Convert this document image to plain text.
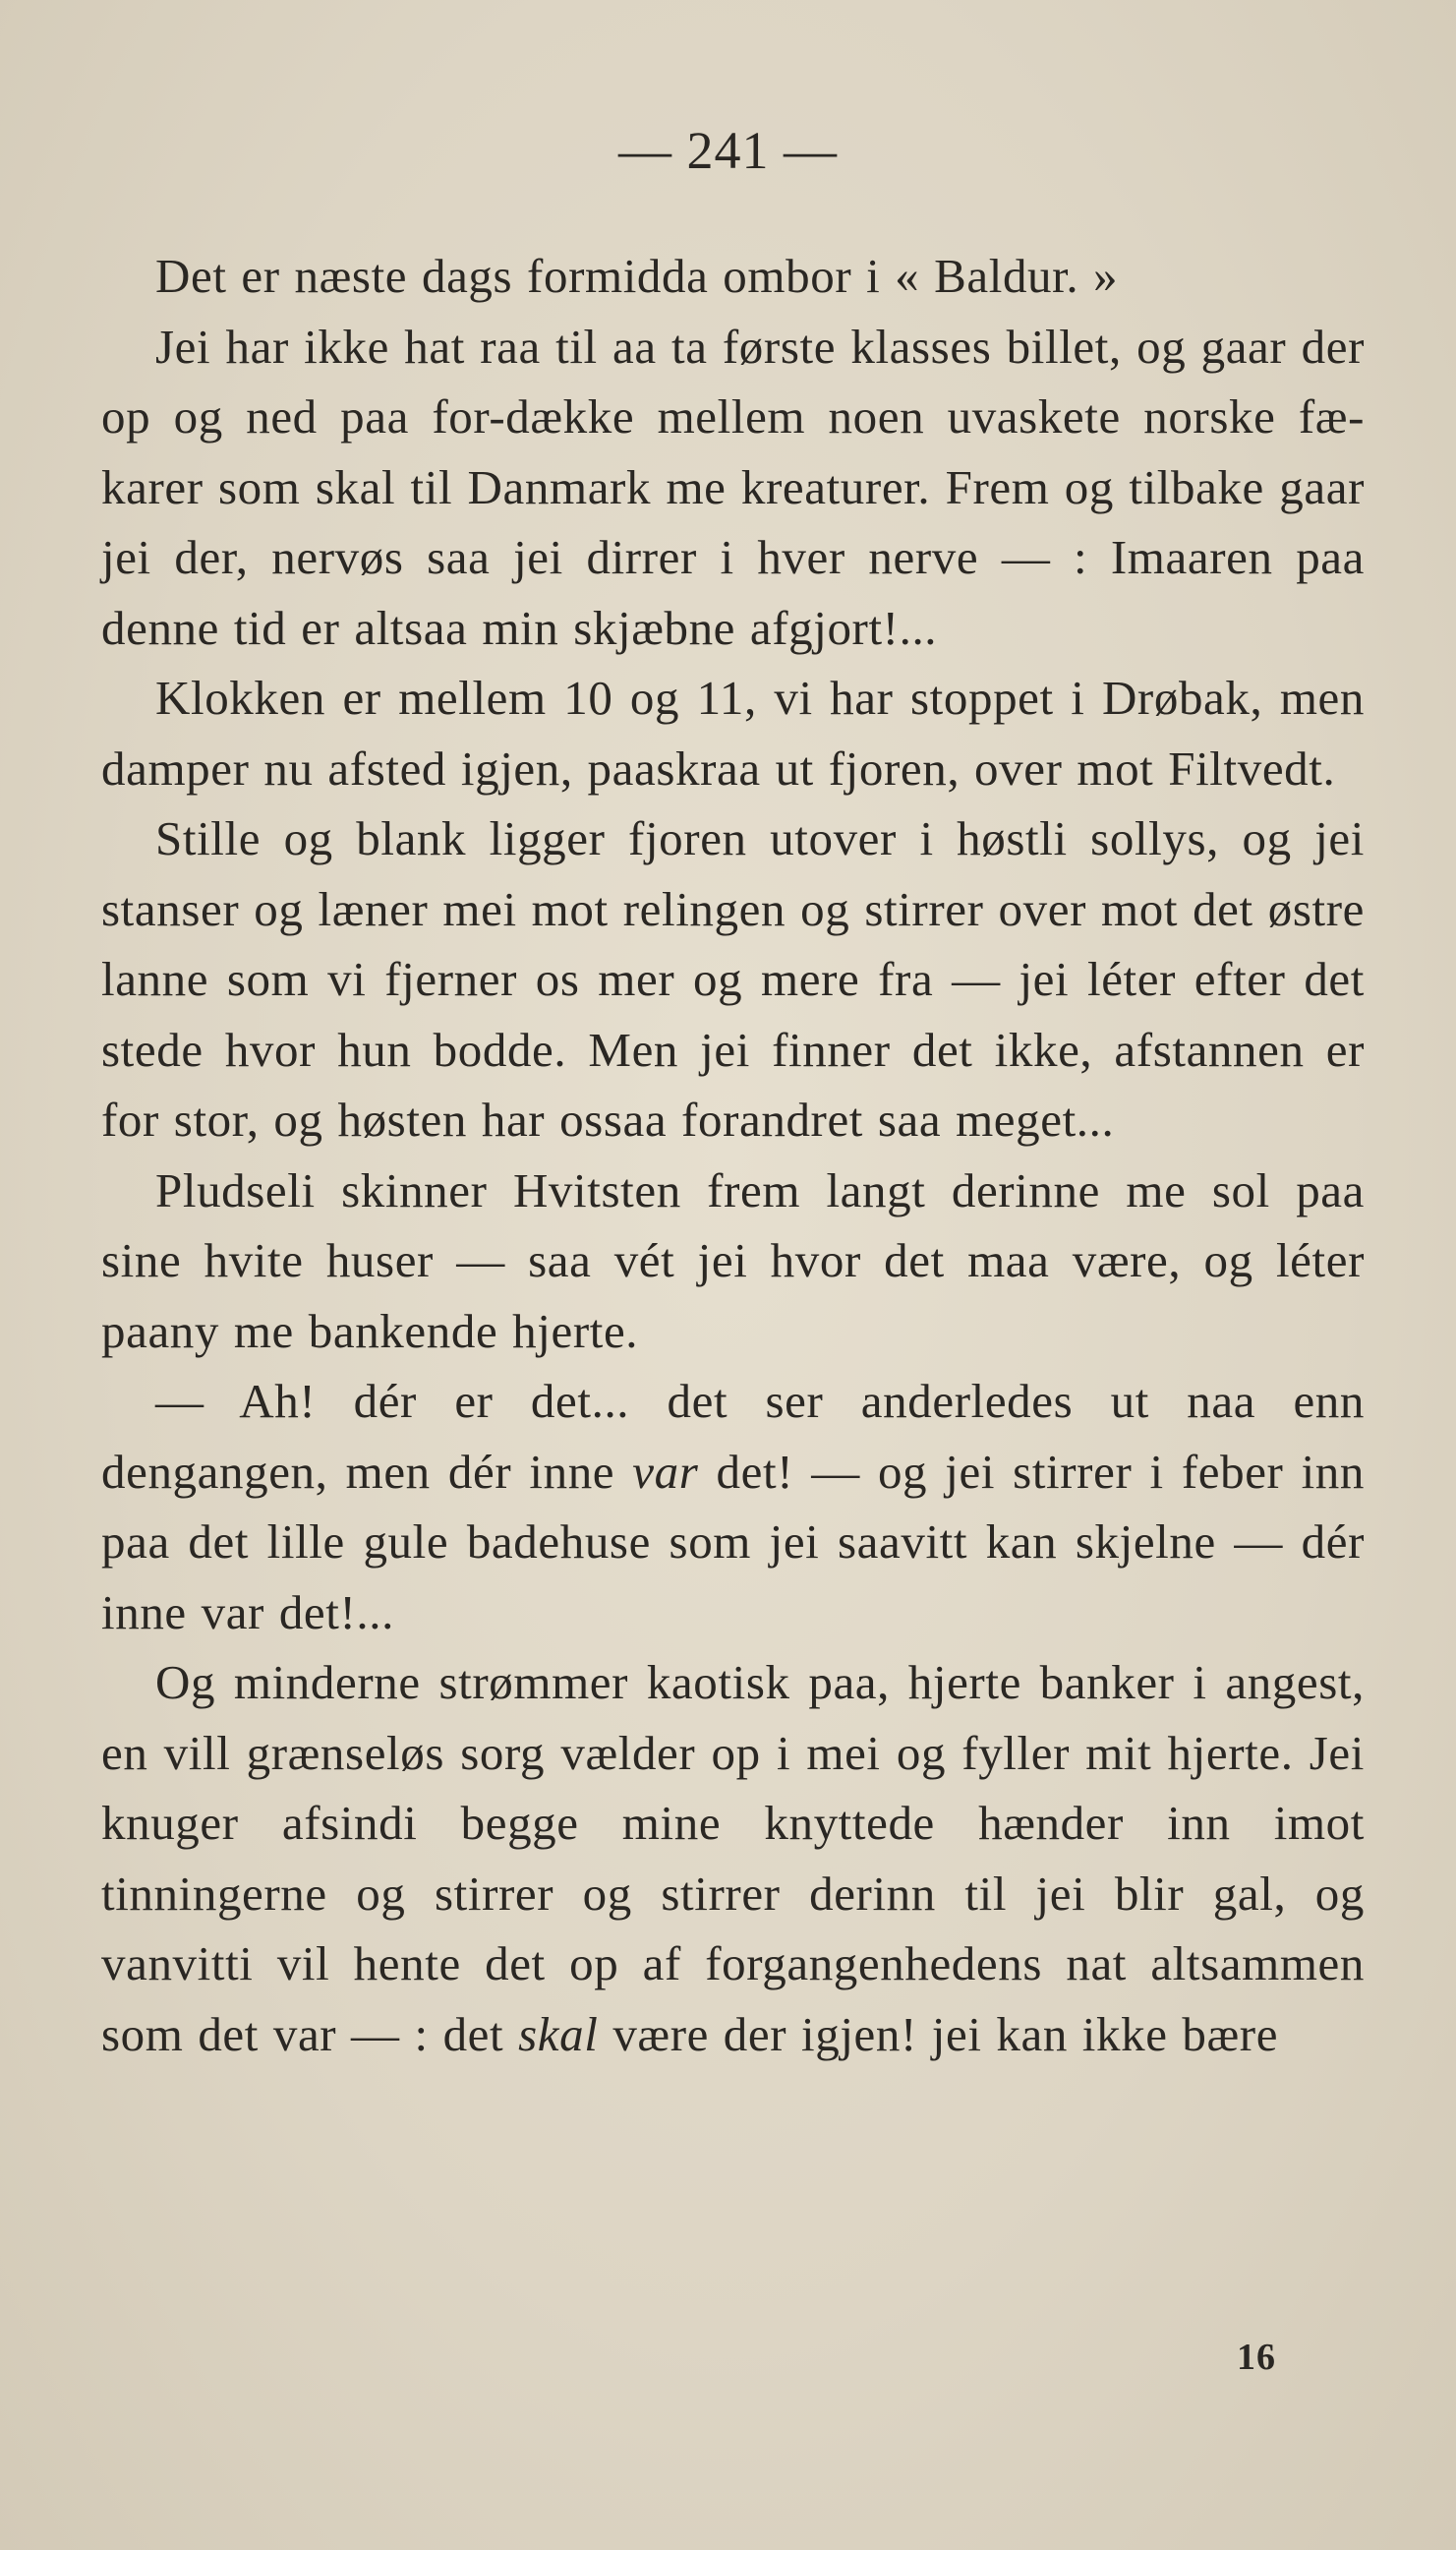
— 241 —

Det er næste dags formidda ombor i « Baldur. »

Jei har ikke hat raa til aa ta første klasses billet, og gaar der op og ned paa for-dække mellem noen uvaskete norske fæ-karer som skal til Danmark me kreaturer. Frem og tilbake gaar jei der, nervøs saa jei dirrer i hver nerve — : Imaaren paa denne tid er altsaa min skjæbne afgjort!...

Klokken er mellem 10 og 11, vi har stoppet i Drøbak, men damper nu afsted igjen, paaskraa ut fjoren, over mot Filtvedt.

Stille og blank ligger fjoren utover i høstli sollys, og jei stanser og læner mei mot relingen og stirrer over mot det østre lanne som vi fjerner os mer og mere fra — jei léter efter det stede hvor hun bodde. Men jei finner det ikke, afstannen er for stor, og høsten har ossaa forandret saa meget...

Pludseli skinner Hvitsten frem langt derinne me sol paa sine hvite huser — saa vét jei hvor det maa være, og léter paany me bankende hjerte.

— Ah! dér er det... det ser anderledes ut naa enn dengangen, men dér inne var det! — og jei stirrer i feber inn paa det lille gule badehuse som jei saavitt kan skjelne — dér inne var det!...

Og minderne strømmer kaotisk paa, hjerte banker i angest, en vill grænseløs sorg vælder op i mei og fyller mit hjerte. Jei knuger afsindi begge mine knyttede hænder inn imot tinningerne og stirrer og stirrer derinn til jei blir gal, og vanvitti vil hente det op af forgangenhedens nat altsammen som det var — : det skal være der igjen! jei kan ikke bære

16
